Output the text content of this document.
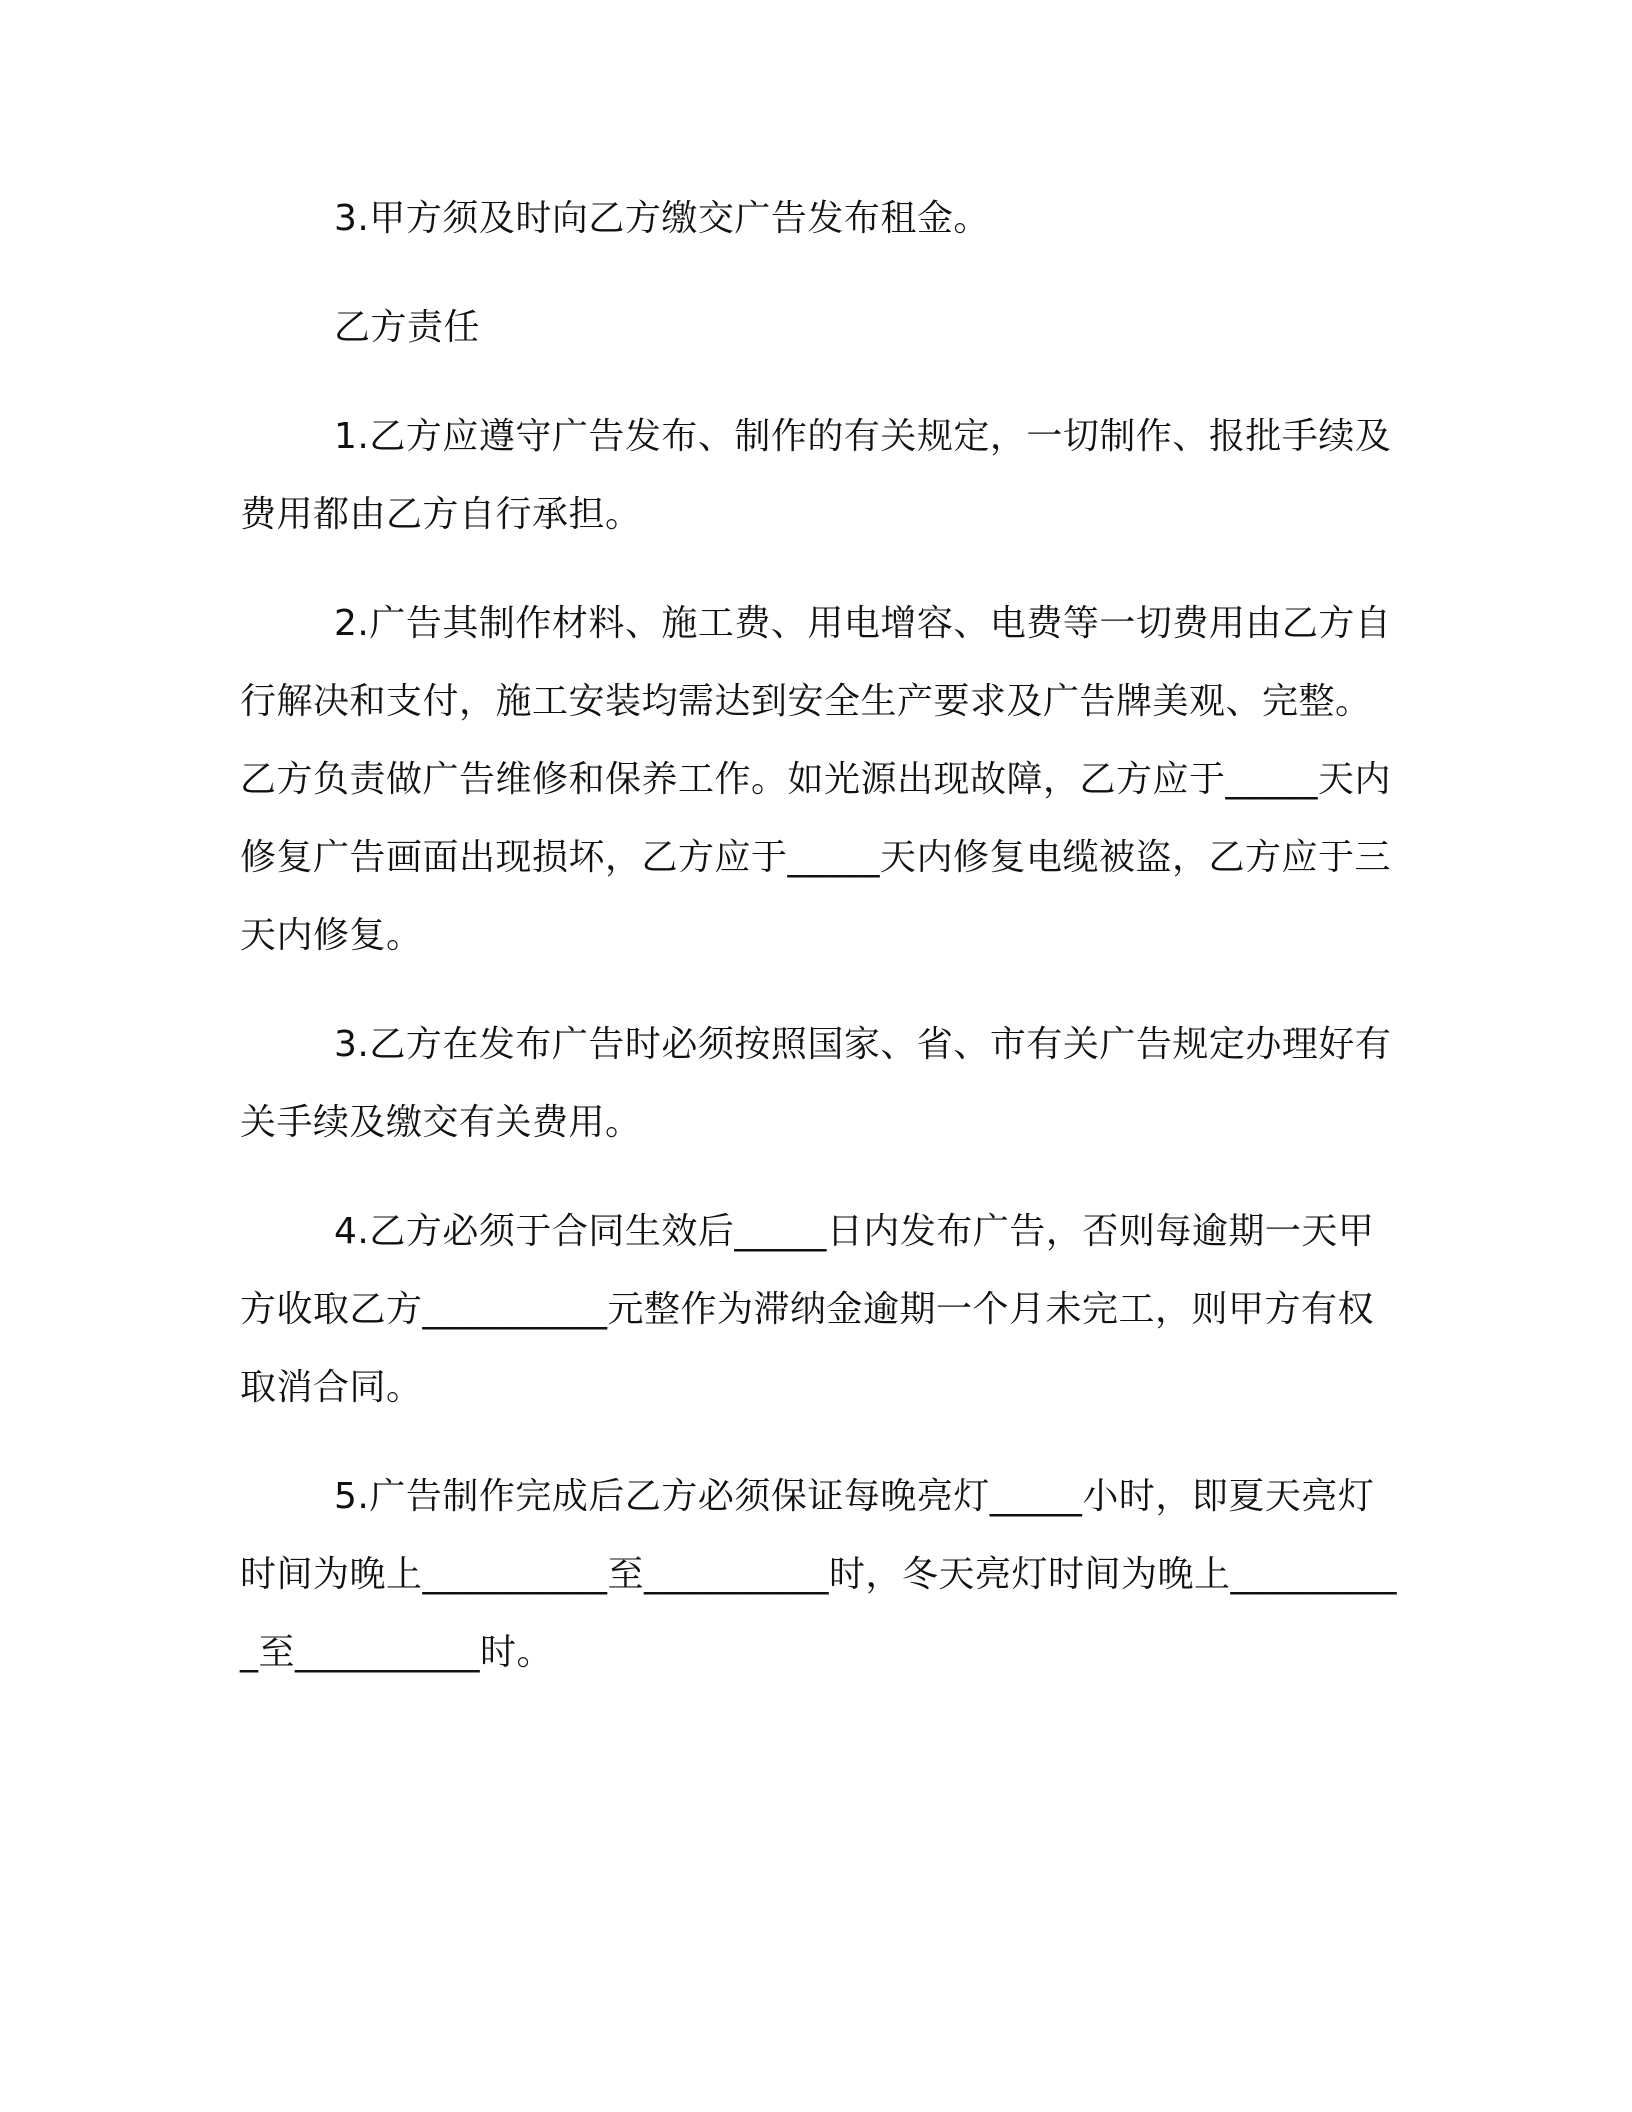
3.甲方须及时向乙方缴交广告发布租金。

乙方责任

1.乙方应遵守广告发布、制作的有关规定，一切制作、报批手续及费用都由乙方自行承担。

2.广告其制作材料、施工费、用电增容、电费等一切费用由乙方自行解决和支付，施工安装均需达到安全生产要求及广告牌美观、完整。乙方负责做广告维修和保养工作。如光源出现故障，乙方应于_____天内修复广告画面出现损坏，乙方应于_____天内修复电缆被盗，乙方应于三天内修复。

3.乙方在发布广告时必须按照国家、省、市有关广告规定办理好有关手续及缴交有关费用。

4.乙方必须于合同生效后_____日内发布广告，否则每逾期一天甲方收取乙方__________元整作为滞纳金逾期一个月未完工，则甲方有权取消合同。

5.广告制作完成后乙方必须保证每晚亮灯_____小时，即夏天亮灯时间为晚上__________至__________时，冬天亮灯时间为晚上__________至__________时。
